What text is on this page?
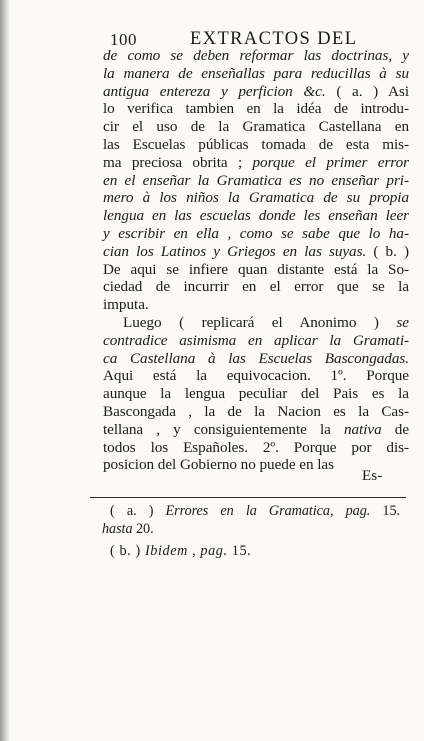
100	EXTRACTOS DEL
de como se deben reformar las doctrinas, y
la manera de enseñallas para reducillas à su
antigua entereza y perficion &c. ( a. ) Asi
lo verifica tambien en la idéa de introdu-
cir el uso de la Gramatica Castellana en
las Escuelas públicas tomada de esta mis-
ma preciosa obrita ; porque el primer error
en el enseñar la Gramatica es no enseñar pri-
mero à los niños la Gramatica de su propia
lengua en las escuelas donde les enseñan leer
y escribir en ella , como se sabe que lo ha-
cian los Latinos y Griegos en las suyas. ( b. )
De aqui se infiere quan distante está la So-
ciedad de incurrir en el error que se la
imputa.
Luego ( replicará el Anonimo ) se
contradice asimisma en aplicar la Gramati-
ca Castellana à las Escuelas Bascongadas.
Aqui está la equivocacion. 1º. Porque
aunque la lengua peculiar del Pais es la
Bascongada , la de la Nacion es la Cas-
tellana , y consiguientemente la nativa de
todos los Españoles. 2º. Porque por dis-
posicion del Gobierno no puede en las
Es-
( a. ) Errores en la Gramatica, pag. 15.
hasta 20.
( b. ) Ibidem , pag. 15.
